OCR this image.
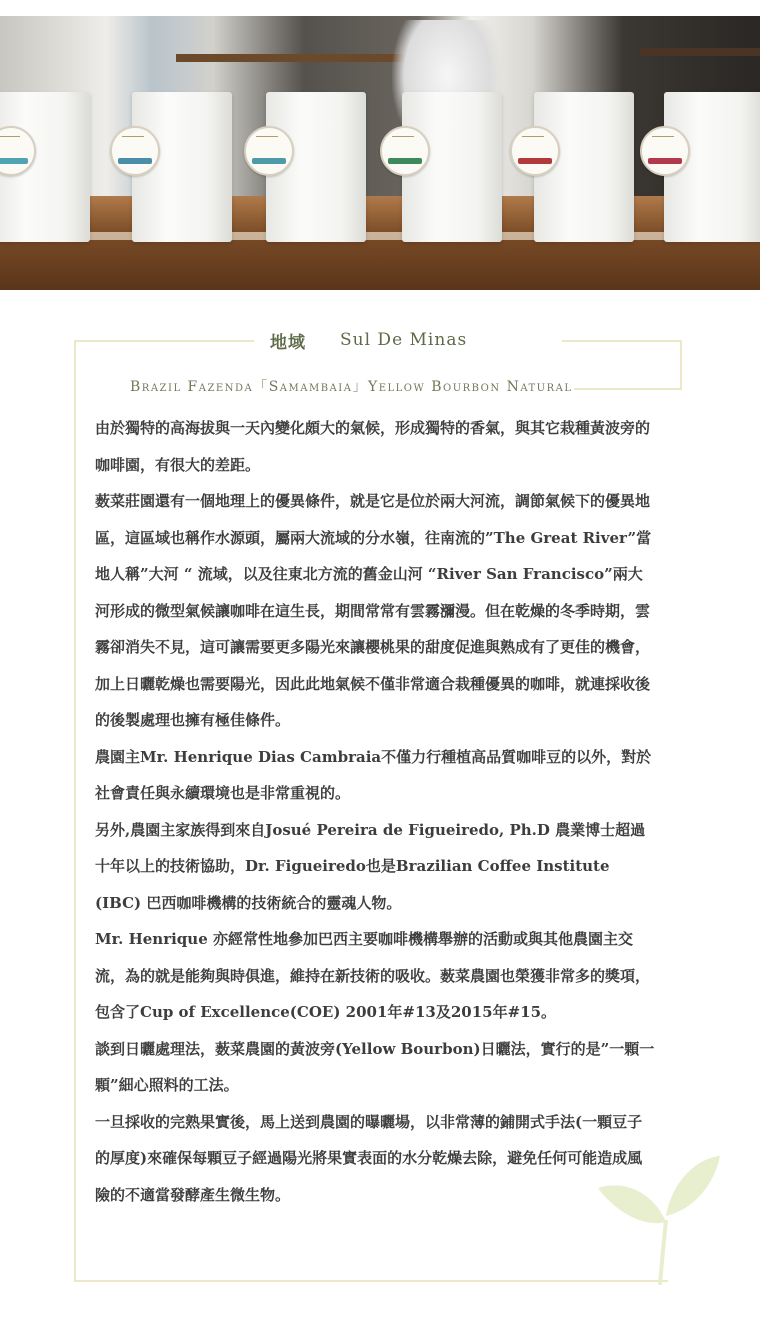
地域 Sul De Minas
Brazil Fazenda「Samambaia」Yellow Bourbon Natural

由於獨特的高海拔與一天內變化頗大的氣候，形成獨特的香氣，與其它栽種黃波旁的咖啡園，有很大的差距。

薮菜莊園還有一個地理上的優異條件，就是它是位於兩大河流，調節氣候下的優異地區，這區域也稱作水源頭，屬兩大流域的分水嶺，往南流的”The Great River”當地人稱”大河 “ 流域，以及往東北方流的舊金山河 “River San Francisco”兩大河形成的微型氣候讓咖啡在這生長，期間常常有雲霧瀰漫。但在乾燥的冬季時期，雲霧卻消失不見，這可讓需要更多陽光來讓櫻桃果的甜度促進與熟成有了更佳的機會，加上日曬乾燥也需要陽光，因此此地氣候不僅非常適合栽種優異的咖啡，就連採收後的後製處理也擁有極佳條件。

農園主Mr. Henrique Dias Cambraia不僅力行種植高品質咖啡豆的以外，對於社會責任與永續環境也是非常重視的。

另外,農園主家族得到來自Josué Pereira de Figueiredo, Ph.D 農業博士超過十年以上的技術協助，Dr. Figueiredo也是Brazilian Coffee Institute (IBC) 巴西咖啡機構的技術統合的靈魂人物。

Mr. Henrique 亦經常性地參加巴西主要咖啡機構舉辦的活動或與其他農園主交流，為的就是能夠與時俱進，維持在新技術的吸收。薮菜農園也榮獲非常多的獎項，包含了Cup of Excellence(COE) 2001年#13及2015年#15。

談到日曬處理法，薮菜農園的黃波旁(Yellow Bourbon)日曬法，實行的是”一顆一顆”細心照料的工法。

一旦採收的完熟果實後，馬上送到農園的曝曬場，以非常薄的鋪開式手法(一顆豆子的厚度)來確保每顆豆子經過陽光將果實表面的水分乾燥去除，避免任何可能造成風險的不適當發酵產生微生物。
